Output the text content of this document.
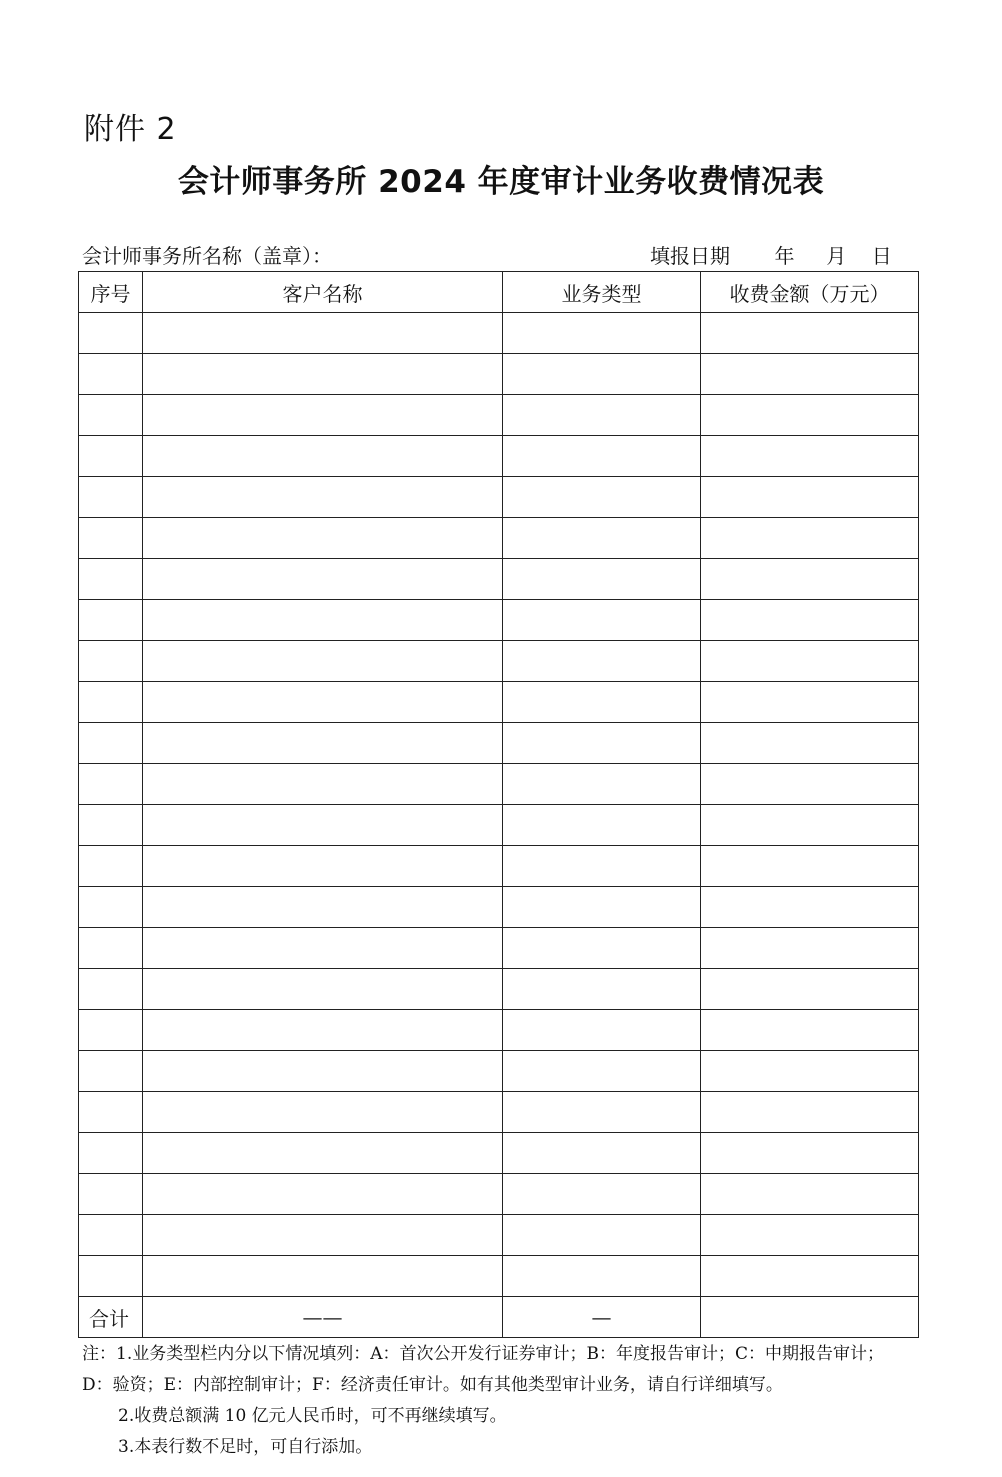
附件 2
会计师事务所 2024 年度审计业务收费情况表
会计师事务所名称（盖章）：	填报日期       年     月    日
序号	客户名称	业务类型	收费金额（万元）

合计	——	—	
注：1.业务类型栏内分以下情况填列：A：首次公开发行证券审计；B：年度报告审计；C：中期报告审计；
D：验资；E：内部控制审计；F：经济责任审计。如有其他类型审计业务，请自行详细填写。
2.收费总额满 10 亿元人民币时，可不再继续填写。
3.本表行数不足时，可自行添加。
